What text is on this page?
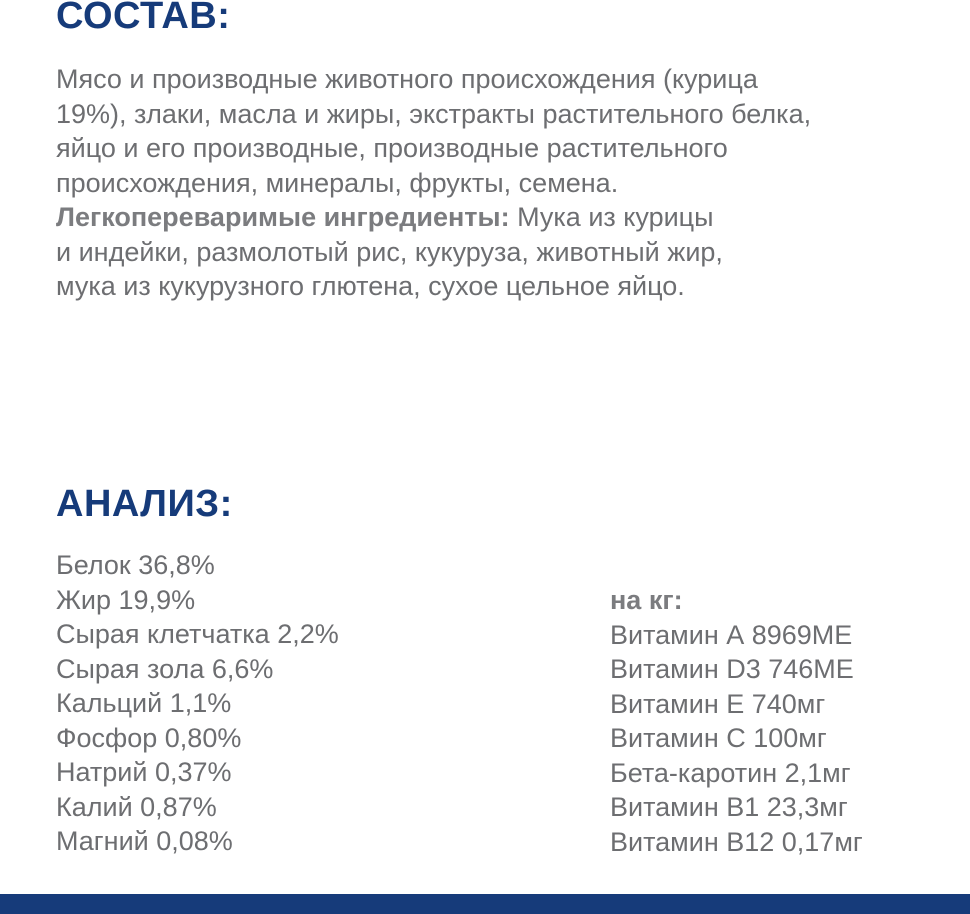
СОСТАВ:

Мясо и производные животного происхождения (курица
19%), злаки, масла и жиры, экстракты растительного белка,
яйцо и его производные, производные растительного
происхождения, минералы, фрукты, семена.
Легкопереваримые ингредиенты: Мука из курицы
и индейки, размолотый рис, кукуруза, животный жир,
мука из кукурузного глютена, сухое цельное яйцо.

АНАЛИЗ:
Белок 36,8%
Жир 19,9%
Сырая клетчатка 2,2%
Сырая зола 6,6%
Кальций 1,1%
Фосфор 0,80%
Натрий 0,37%
Калий 0,87%
Магний 0,08%
на кг:
Витамин А 8969МЕ
Витамин D3 746МЕ
Витамин Е 740мг
Витамин С 100мг
Бета-каротин 2,1мг
Витамин В1 23,3мг
Витамин В12 0,17мг
